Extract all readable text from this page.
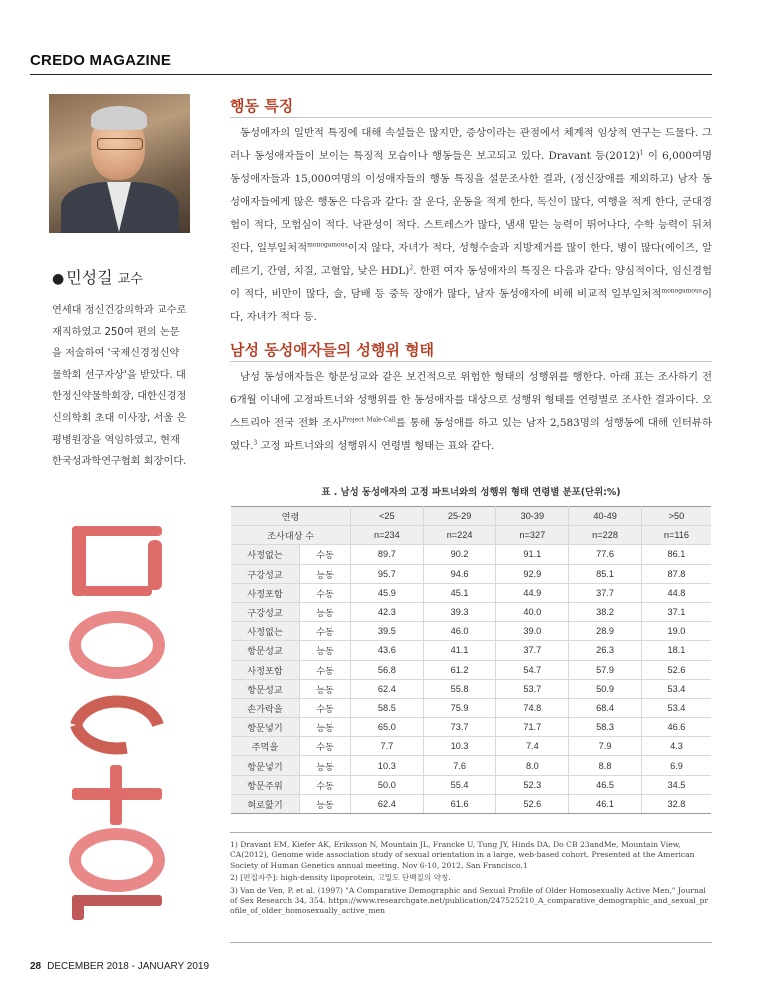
CREDO MAGAZINE
● 민성길 교수
연세대 정신건강의학과 교수로 재직하였고 250여 편의 논문을 저술하여 '국제신경정신약물학회 선구자상'을 받았다. 대한정신약물학회장, 대한신경정신의학회 초대 이사장, 서울 은평병원장을 역임하였고, 현재 한국성과학연구협회 회장이다.
행동 특징

동성애자의 일반적 특징에 대해 속설들은 많지만, 증상이라는 관점에서 체계적 임상적 연구는 드물다. 그러나 동성애자들이 보이는 특징적 모습이나 행동들은 보고되고 있다. Dravant 등$(2012)^1$ 이 6,000여명 동성애자들과 15,000여명의 이성애자들의 행동 특징을 설문조사한 결과, (정신장애를 제외하고) 남자 동성애자들에게 많은 행동은 다음과 같다: 잘 운다, 운동을 적게 한다, 독신이 많다, 여행을 적게 한다, 군대경험이 적다, 모험심이 적다. 낙관성이 적다. 스트레스가 많다, 냄새 맡는 능력이 뛰어나다, 수학 능력이 뒤쳐진다, 일부일처적$^{monogamous}$이지 않다, 자녀가 적다, 성형수술과 지방제거를 많이 한다, 병이 많다(에이즈, 알레르기, 간염, 치질, 고혈압, 낮은 HDL)$^2$. 한편 여자 동성애자의 특징은 다음과 같다: 양심적이다, 임신경험이 적다, 비만이 많다, 술, 담배 등 중독 장애가 많다, 남자 동성애자에 비해 비교적 일부일처적$^{monogamous}$이다, 자녀가 적다 등.

남성 동성애자들의 성행위 형태

남성 동성애자들은 항문성교와 같은 보건적으로 위험한 형태의 성행위를 행한다. 아래 표는 조사하기 전 6개월 이내에 고정파트너와 성행위를 한 동성애자를 대상으로 성행위 형태를 연령별로 조사한 결과이다. 오스트리아 전국 전화 조사$^{Project Male-Call}$를 통해 동성애를 하고 있는 남자 2,583명의 성행동에 대해 인터뷰하였다.$^3$ 고정 파트너와의 성행위시 연령별 형태는 표와 같다.

표 . 남성 동성애자의 고정 파트너와의 성행위 형태 연령별 분포(단위:%)
연령		<25	25-29	30-39	40-49	>50
조사대상 수		n=234	n=224	n=327	n=228	n=116
사정없는	수동	89.7	90.2	91.1	77.6	86.1
구강성교	능동	95.7	94.6	92.9	85.1	87.8
사정포함	수동	45.9	45.1	44.9	37.7	44.8
구강성교	능동	42.3	39.3	40.0	38.2	37.1
사정없는	수동	39.5	46.0	39.0	28.9	19.0
항문성교	능동	43.6	41.1	37.7	26.3	18.1
사정포함	수동	56.8	61.2	54.7	57.9	52.6
항문성교	능동	62.4	55.8	53.7	50.9	53.4
손가락을	수동	58.5	75.9	74.8	68.4	53.4
항문넣기	능동	65.0	73.7	71.7	58.3	46.6
주먹을	수동	7.7	10.3	7.4	7.9	4.3
항문넣기	능동	10.3	7.6	8.0	8.8	6.9
항문주위	수동	50.0	55.4	52.3	46.5	34.5
혀로핥기	능동	62.4	61.6	52.6	46.1	32.8

1) Dravant EM, Kiefer AK, Eriksson N, Mountain JL, Francke U, Tung JY, Hinds DA, Do CB 23andMe, Mountain View, CA(2012), Genome wide association study of sexual orientation in a large, web-based cohort. Presented at the American Society of Human Genetics annual meeting. Nov 6-10, 2012, San Francisco.1

2) [편집자주]: high-density lipoprotein, 고밀도 단백질의 약칭.

3) Van de Ven, P. et al. (1997) "A Comparative Demographic and Sexual Profile of Older Homosexually Active Men," Journal of Sex Research 34, 354. https://www.researchgate.net/publication/247525210_A_comparative_demographic_and_sexual_profile_of_older_homosexually_active_men

28 DECEMBER 2018 - JANUARY 2019
